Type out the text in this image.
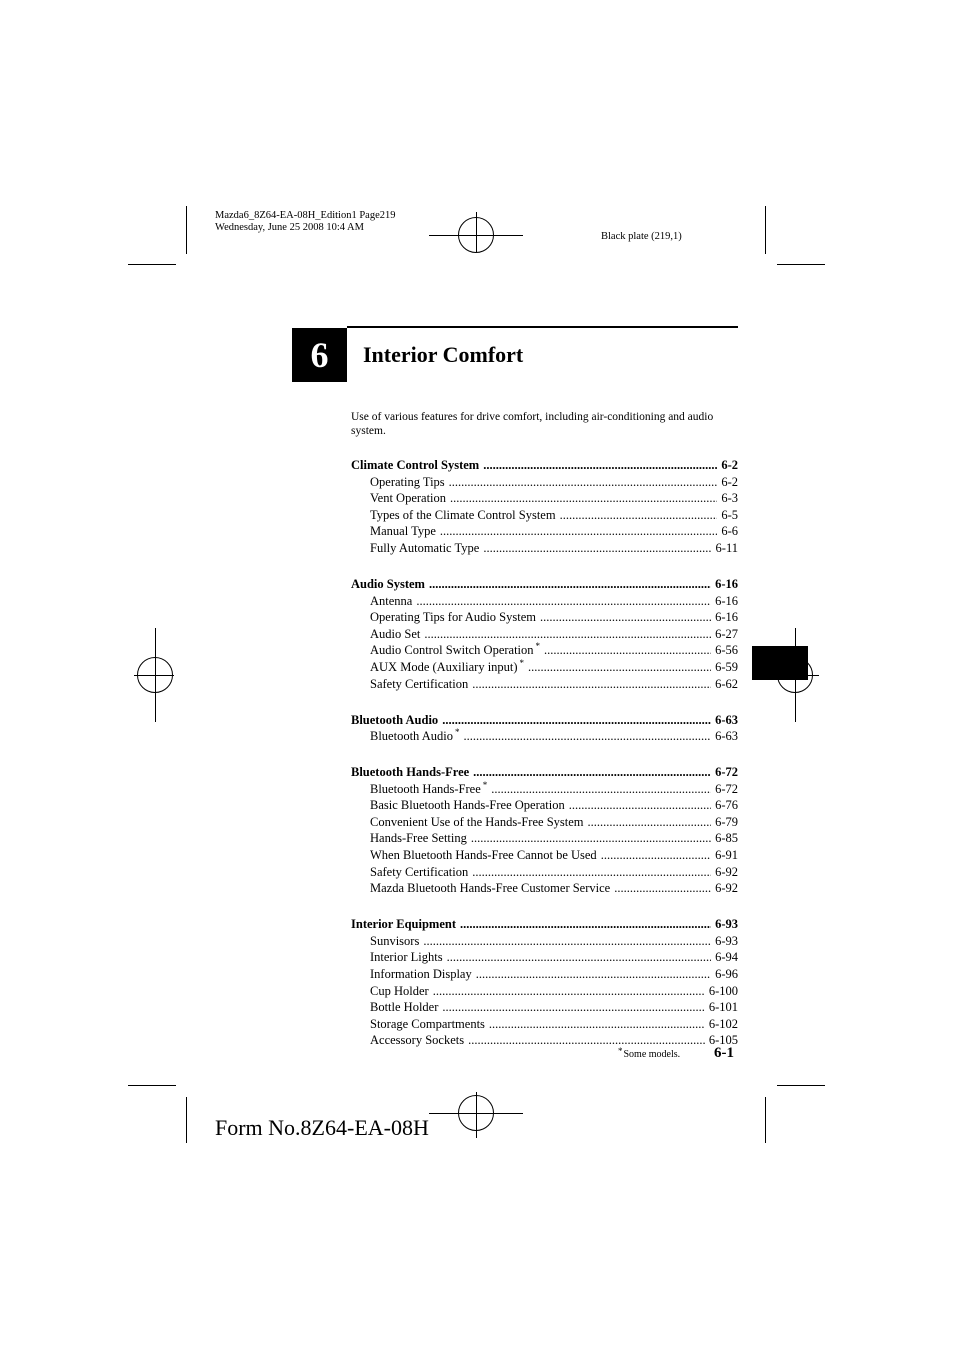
Mazda6_8Z64-EA-08H_Edition1 Page219
Wednesday, June 25 2008 10:4 AM
Black plate (219,1)
6	Interior Comfort
Use of various features for drive comfort, including air-conditioning and audio system.
Climate Control System .....	6-2
Operating Tips .....	6-2
Vent Operation .....	6-3
Types of the Climate Control System .....	6-5
Manual Type .....	6-6
Fully Automatic Type .....	6-11
Audio System .....	6-16
Antenna .....	6-16
Operating Tips for Audio System .....	6-16
Audio Set .....	6-27
Audio Control Switch Operation * .....	6-56
AUX Mode (Auxiliary input) * .....	6-59
Safety Certification .....	6-62
Bluetooth Audio .....	6-63
Bluetooth Audio * .....	6-63
Bluetooth Hands-Free .....	6-72
Bluetooth Hands-Free * .....	6-72
Basic Bluetooth Hands-Free Operation .....	6-76
Convenient Use of the Hands-Free System .....	6-79
Hands-Free Setting .....	6-85
When Bluetooth Hands-Free Cannot be Used .....	6-91
Safety Certification .....	6-92
Mazda Bluetooth Hands-Free Customer Service .....	6-92
Interior Equipment .....	6-93
Sunvisors .....	6-93
Interior Lights .....	6-94
Information Display .....	6-96
Cup Holder .....	6-100
Bottle Holder .....	6-101
Storage Compartments .....	6-102
Accessory Sockets .....	6-105
*Some models. 6-1
Form No.8Z64-EA-08H
